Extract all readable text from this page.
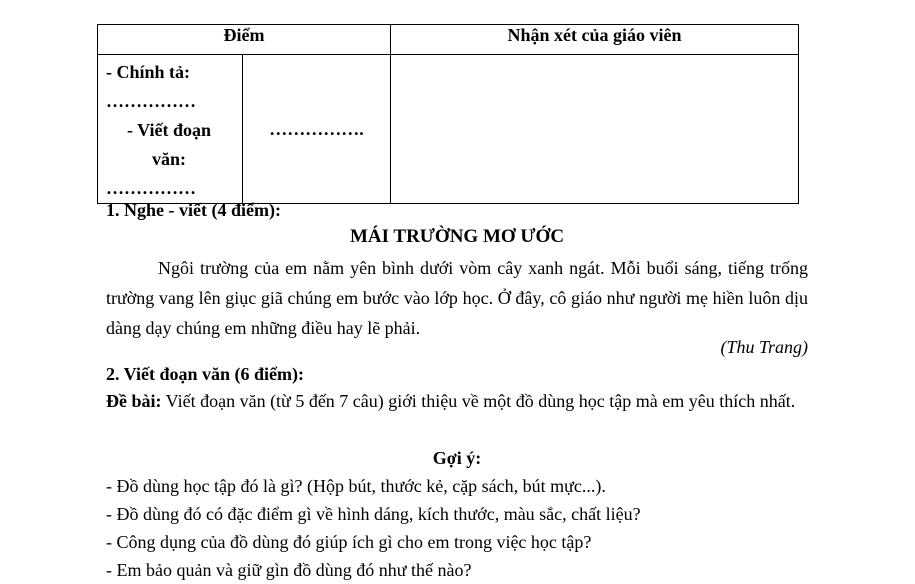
Điểm		Nhận xét của giáo viên

- Chính tả:
……………
- Viết đoạn
văn:
……………	…………….	
1. Nghe - viết (4 điểm):
MÁI TRƯỜNG MƠ ƯỚC
Ngôi trường của em nằm yên bình dưới vòm cây xanh ngát. Mỗi buổi sáng, tiếng trống trường vang lên giục giã chúng em bước vào lớp học. Ở đây, cô giáo như người mẹ hiền luôn dịu dàng dạy chúng em những điều hay lẽ phải.
(Thu Trang)
2. Viết đoạn văn (6 điểm):
Đề bài: Viết đoạn văn (từ 5 đến 7 câu) giới thiệu về một đồ dùng học tập mà em yêu thích nhất.
Gợi ý:
- Đồ dùng học tập đó là gì? (Hộp bút, thước kẻ, cặp sách, bút mực...).
- Đồ dùng đó có đặc điểm gì về hình dáng, kích thước, màu sắc, chất liệu?
- Công dụng của đồ dùng đó giúp ích gì cho em trong việc học tập?
- Em bảo quản và giữ gìn đồ dùng đó như thế nào?
